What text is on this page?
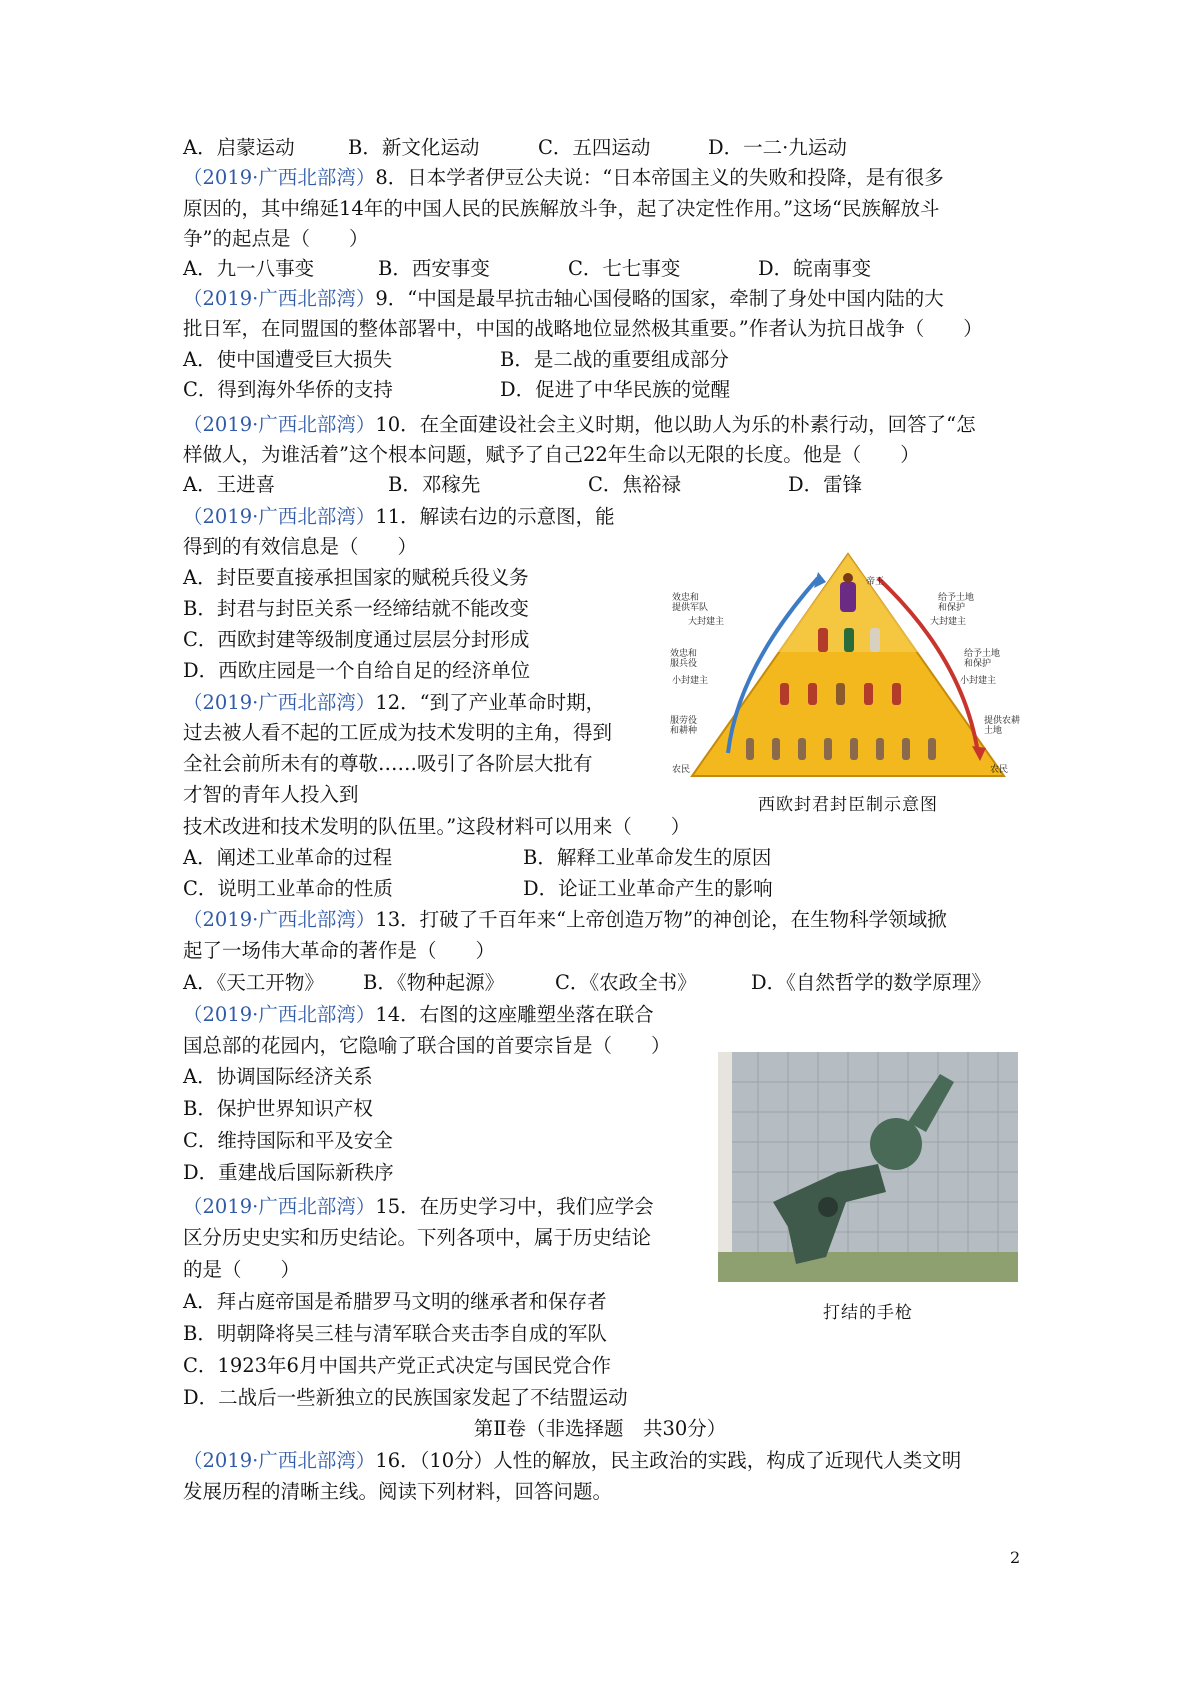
A．启蒙运动	B．新文化运动	C．五四运动	D．一二·九运动
（2019·广西北部湾）8．日本学者伊豆公夫说：“日本帝国主义的失败和投降，是有很多
原因的，其中绵延14年的中国人民的民族解放斗争，起了决定性作用。”这场“民族解放斗
争”的起点是（　　）
A．九一八事变	B．西安事变	C．七七事变	D．皖南事变
（2019·广西北部湾）9．“中国是最早抗击轴心国侵略的国家，牵制了身处中国内陆的大
批日军，在同盟国的整体部署中，中国的战略地位显然极其重要。”作者认为抗日战争（　　）
A．使中国遭受巨大损失	B．是二战的重要组成部分
C．得到海外华侨的支持	D．促进了中华民族的觉醒
（2019·广西北部湾）10．在全面建设社会主义时期，他以助人为乐的朴素行动，回答了“怎
样做人，为谁活着”这个根本问题，赋予了自己22年生命以无限的长度。他是（　　）
A．王进喜	B．邓稼先	C．焦裕禄	D．雷锋
（2019·广西北部湾）11．解读右边的示意图，能
得到的有效信息是（　　）
A．封臣要直接承担国家的赋税兵役义务
B．封君与封臣关系一经缔结就不能改变
C．西欧封建等级制度通过层层分封形成
D．西欧庄园是一个自给自足的经济单位
帝王
大封建主	大封建主
小封建主	小封建主
农民	农民
效忠和提供军队
效忠和服兵役
服劳役和耕种
给予土地和保护
给予土地和保护
提供农耕土地
西欧封君封臣制示意图
（2019·广西北部湾）12．“到了产业革命时期，
过去被人看不起的工匠成为技术发明的主角，得到
全社会前所未有的尊敬……吸引了各阶层大批有
才智的青年人投入到
技术改进和技术发明的队伍里。”这段材料可以用来（　　）
A．阐述工业革命的过程	B．解释工业革命发生的原因
C．说明工业革命的性质	D．论证工业革命产生的影响
（2019·广西北部湾）13．打破了千百年来“上帝创造万物”的神创论，在生物科学领域掀
起了一场伟大革命的著作是（　　）
A．《天工开物》 B．《物种起源》	C．《农政全书》	D．《自然哲学的数学原理》
（2019·广西北部湾）14．右图的这座雕塑坐落在联合
国总部的花园内，它隐喻了联合国的首要宗旨是（　　）
A．协调国际经济关系
B．保护世界知识产权
C．维持国际和平及安全
D．重建战后国际新秩序
打结的手枪
（2019·广西北部湾）15．在历史学习中，我们应学会
区分历史史实和历史结论。下列各项中，属于历史结论
的是（　　）
A．拜占庭帝国是希腊罗马文明的继承者和保存者
B．明朝降将吴三桂与清军联合夹击李自成的军队
C．1923年6月中国共产党正式决定与国民党合作
D．二战后一些新独立的民族国家发起了不结盟运动
第Ⅱ卷（非选择题　共30分）
（2019·广西北部湾）16．（10分）人性的解放，民主政治的实践，构成了近现代人类文明
发展历程的清晰主线。阅读下列材料，回答问题。
2
